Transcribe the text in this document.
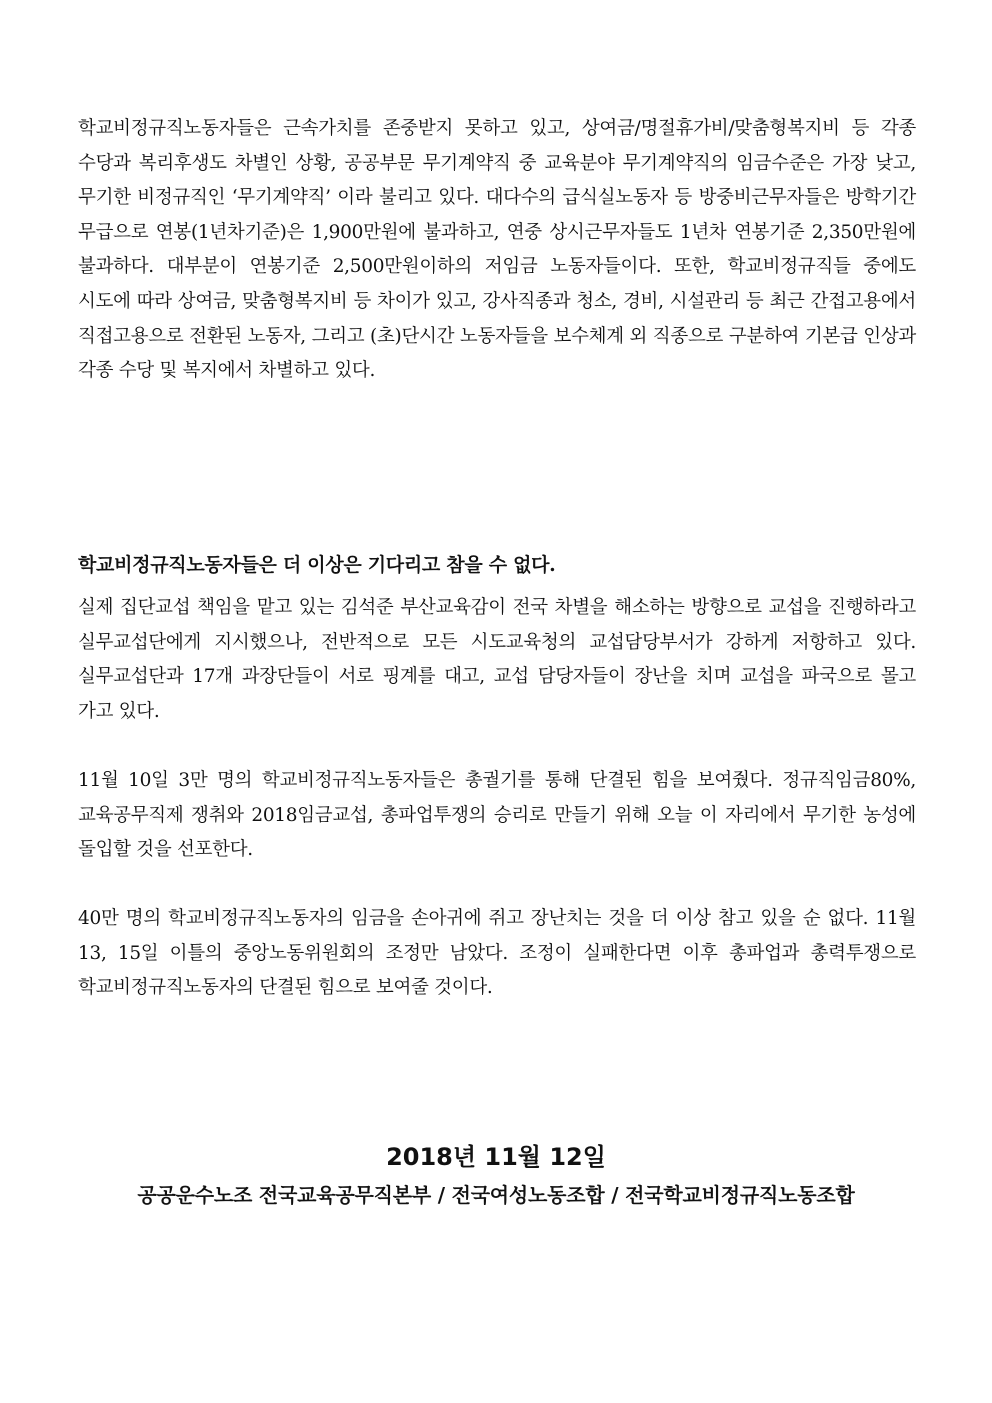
학교비정규직노동자들은 근속가치를 존중받지 못하고 있고, 상여금/명절휴가비/맞춤형복지비 등 각종 수당과 복리후생도 차별인 상황, 공공부문 무기계약직 중 교육분야 무기계약직의 임금수준은 가장 낮고, 무기한 비정규직인 ‘무기계약직’ 이라 불리고 있다. 대다수의 급식실노동자 등 방중비근무자들은 방학기간 무급으로 연봉(1년차기준)은 1,900만원에 불과하고, 연중 상시근무자들도 1년차 연봉기준 2,350만원에 불과하다. 대부분이 연봉기준 2,500만원이하의 저임금 노동자들이다. 또한, 학교비정규직들 중에도 시도에 따라 상여금, 맞춤형복지비 등 차이가 있고, 강사직종과 청소, 경비, 시설관리 등 최근 간접고용에서 직접고용으로 전환된 노동자, 그리고 (초)단시간 노동자들을 보수체계 외 직종으로 구분하여 기본급 인상과 각종 수당 및 복지에서 차별하고 있다.

학교비정규직노동자들은 더 이상은 기다리고 참을 수 없다.

실제 집단교섭 책임을 맡고 있는 김석준 부산교육감이 전국 차별을 해소하는 방향으로 교섭을 진행하라고 실무교섭단에게 지시했으나, 전반적으로 모든 시도교육청의 교섭담당부서가 강하게 저항하고 있다. 실무교섭단과 17개 과장단들이 서로 핑계를 대고, 교섭 담당자들이 장난을 치며 교섭을 파국으로 몰고 가고 있다.

11월 10일 3만 명의 학교비정규직노동자들은 총궐기를 통해 단결된 힘을 보여줬다. 정규직임금80%, 교육공무직제 쟁취와 2018임금교섭, 총파업투쟁의 승리로 만들기 위해 오늘 이 자리에서 무기한 농성에 돌입할 것을 선포한다.

40만 명의 학교비정규직노동자의 임금을 손아귀에 쥐고 장난치는 것을 더 이상 참고 있을 순 없다. 11월 13, 15일 이틀의 중앙노동위원회의 조정만 남았다. 조정이 실패한다면 이후 총파업과 총력투쟁으로 학교비정규직노동자의 단결된 힘으로 보여줄 것이다.

2018년 11월 12일

공공운수노조 전국교육공무직본부 / 전국여성노동조합 / 전국학교비정규직노동조합
